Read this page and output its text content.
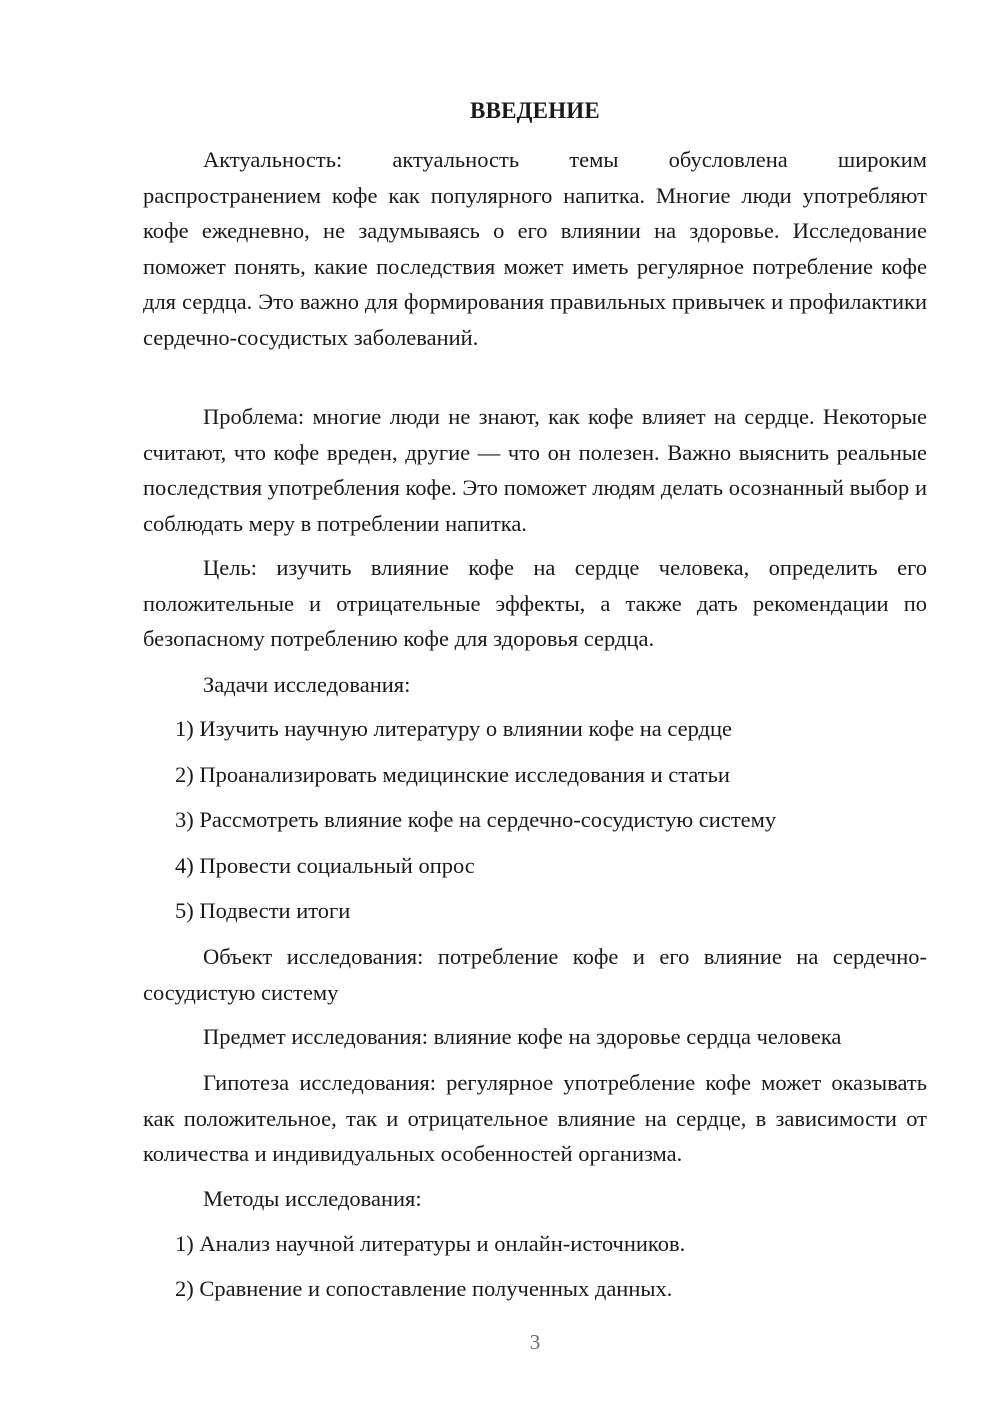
ВВЕДЕНИЕ

Актуальность: актуальность темы обусловлена широким распространением кофе как популярного напитка. Многие люди употребляют кофе ежедневно, не задумываясь о его влиянии на здоровье. Исследование поможет понять, какие последствия может иметь регулярное потребление кофе для сердца. Это важно для формирования правильных привычек и профилактики сердечно-сосудистых заболеваний.

Проблема: многие люди не знают, как кофе влияет на сердце. Некоторые считают, что кофе вреден, другие — что он полезен. Важно выяснить реальные последствия употребления кофе. Это поможет людям делать осознанный выбор и соблюдать меру в потреблении напитка.

Цель: изучить влияние кофе на сердце человека, определить его положительные и отрицательные эффекты, а также дать рекомендации по безопасному потреблению кофе для здоровья сердца.

Задачи исследования:

1) Изучить научную литературу о влиянии кофе на сердце

2) Проанализировать медицинские исследования и статьи

3) Рассмотреть влияние кофе на сердечно-сосудистую систему

4) Провести социальный опрос

5) Подвести итоги

Объект исследования: потребление кофе и его влияние на сердечно-сосудистую систему

Предмет исследования: влияние кофе на здоровье сердца человека

Гипотеза исследования: регулярное употребление кофе может оказывать как положительное, так и отрицательное влияние на сердце, в зависимости от количества и индивидуальных особенностей организма.

Методы исследования:

1) Анализ научной литературы и онлайн-источников.

2) Сравнение и сопоставление полученных данных.

3
